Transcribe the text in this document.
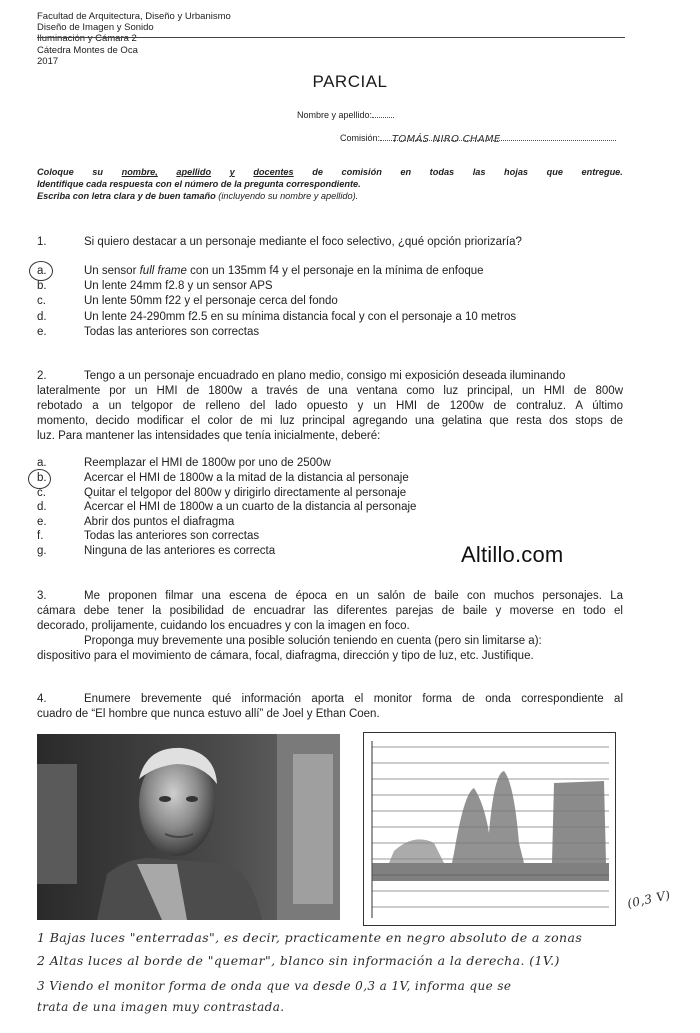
Facultad de Arquitectura, Diseño y Urbanismo
Diseño de Imagen y Sonido
Iluminación y Cámara 2
Cátedra Montes de Oca
2017
PARCIAL
Nombre y apellido:
Comisión: TOMÁS NIRO CHAME
Coloque su nombre, apellido y docentes de comisión en todas las hojas que entregue.
Identifique cada respuesta con el número de la pregunta correspondiente.
Escriba con letra clara y de buen tamaño (incluyendo su nombre y apellido).
1.	Si quiero destacar a un personaje mediante el foco selectivo, ¿qué opción priorizaría?
a.	Un sensor full frame con un 135mm f4 y el personaje en la mínima de enfoque
b.	Un lente 24mm f2.8 y un sensor APS
c.	Un lente 50mm f22 y el personaje cerca del fondo
d.	Un lente 24-290mm f2.5 en su mínima distancia focal y con el personaje a 10 metros
e.	Todas las anteriores son correctas
2.	Tengo a un personaje encuadrado en plano medio, consigo mi exposición deseada iluminando
lateralmente por un HMI de 1800w a través de una ventana como luz principal, un HMI de 800w
rebotado a un telgopor de relleno del lado opuesto y un HMI de 1200w de contraluz. A último
momento, decido modificar el color de mi luz principal agregando una gelatina que resta dos stops de
luz. Para mantener las intensidades que tenía inicialmente, deberé:
a.	Reemplazar el HMI de 1800w por uno de 2500w
b.	Acercar el HMI de 1800w a la mitad de la distancia al personaje
c.	Quitar el telgopor del 800w y dirigirlo directamente al personaje
d.	Acercar el HMI de 1800w a un cuarto de la distancia al personaje
e.	Abrir dos puntos el diafragma
f.	Todas las anteriores son correctas
g.	Ninguna de las anteriores es correcta	Altillo.com
3.	Me proponen filmar una escena de época en un salón de baile con muchos personajes. La
cámara debe tener la posibilidad de encuadrar las diferentes parejas de baile y moverse en todo el
decorado, prolijamente, cuidando los encuadres y con la imagen en foco.
Proponga muy brevemente una posible solución teniendo en cuenta (pero sin limitarse a):
dispositivo para el movimiento de cámara, focal, diafragma, dirección y tipo de luz, etc. Justifique.
4.	Enumere brevemente qué información aporta el monitor forma de onda correspondiente al
cuadro de “El hombre que nunca estuvo allí” de Joel y Ethan Coen.
(0,3 V)
1 Bajas luces "enterradas", es decir, practicamente en negro absoluto de a zonas
2 Altas luces al borde de "quemar", blanco sin información a la derecha. (1V.)
3 Viendo el monitor forma de onda que va desde 0,3 a 1V, informa que se
trata de una imagen muy contrastada.
